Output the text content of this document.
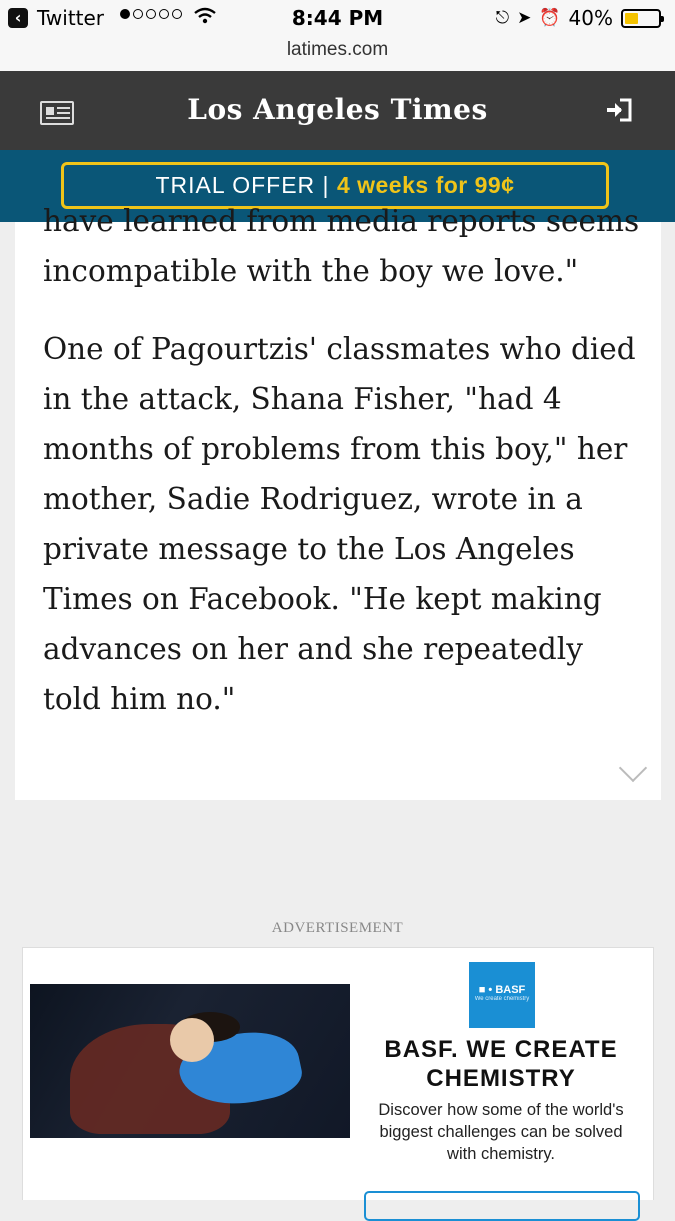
‹ Twitter	8:44 PM	⎋ ➤ ⏰ 40%
latimes.com
Los Angeles Times
TRIAL OFFER | 4 weeks for 99¢

have learned from media reports seems

incompatible with the boy we love."

One of Pagourtzis' classmates who died in the attack, Shana Fisher, "had 4 months of problems from this boy," her mother, Sadie Rodriguez, wrote in a private message to the Los Angeles Times on Facebook. "He kept making advances on her and she repeatedly told him no."

ADVERTISEMENT
■ • BASF
We create chemistry
BASF. WE CREATE CHEMISTRY
Discover how some of the world's biggest challenges can be solved with chemistry.
